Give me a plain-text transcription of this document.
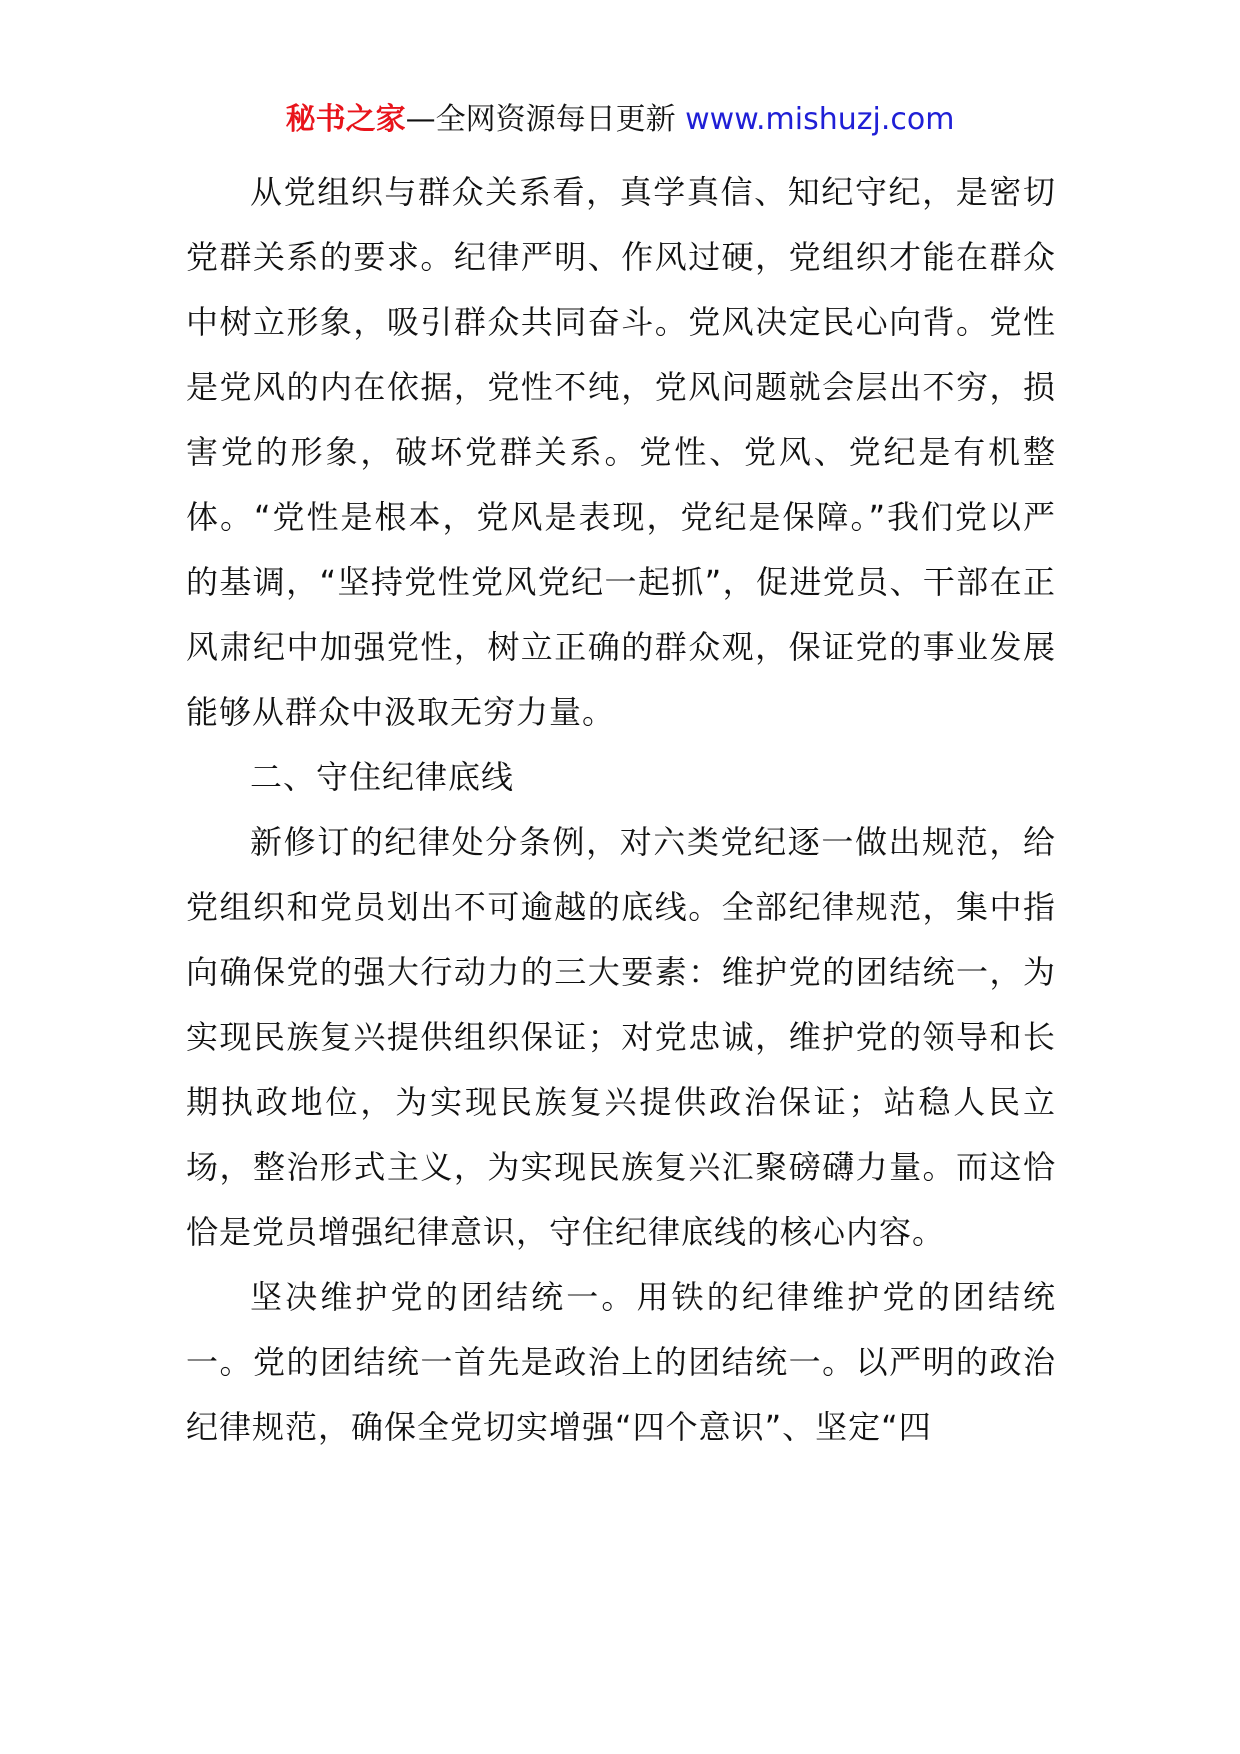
秘书之家—全网资源每日更新 www.mishuzj.com

从党组织与群众关系看，真学真信、知纪守纪，是密切党群关系的要求。纪律严明、作风过硬，党组织才能在群众中树立形象，吸引群众共同奋斗。党风决定民心向背。党性是党风的内在依据，党性不纯，党风问题就会层出不穷，损害党的形象，破坏党群关系。党性、党风、党纪是有机整体。“党性是根本，党风是表现，党纪是保障。”我们党以严的基调，“坚持党性党风党纪一起抓”，促进党员、干部在正风肃纪中加强党性，树立正确的群众观，保证党的事业发展能够从群众中汲取无穷力量。

二、守住纪律底线

新修订的纪律处分条例，对六类党纪逐一做出规范，给党组织和党员划出不可逾越的底线。全部纪律规范，集中指向确保党的强大行动力的三大要素：维护党的团结统一，为实现民族复兴提供组织保证；对党忠诚，维护党的领导和长期执政地位，为实现民族复兴提供政治保证；站稳人民立场，整治形式主义，为实现民族复兴汇聚磅礴力量。而这恰恰是党员增强纪律意识，守住纪律底线的核心内容。

坚决维护党的团结统一。用铁的纪律维护党的团结统一。党的团结统一首先是政治上的团结统一。以严明的政治纪律规范，确保全党切实增强“四个意识”、坚定“四
